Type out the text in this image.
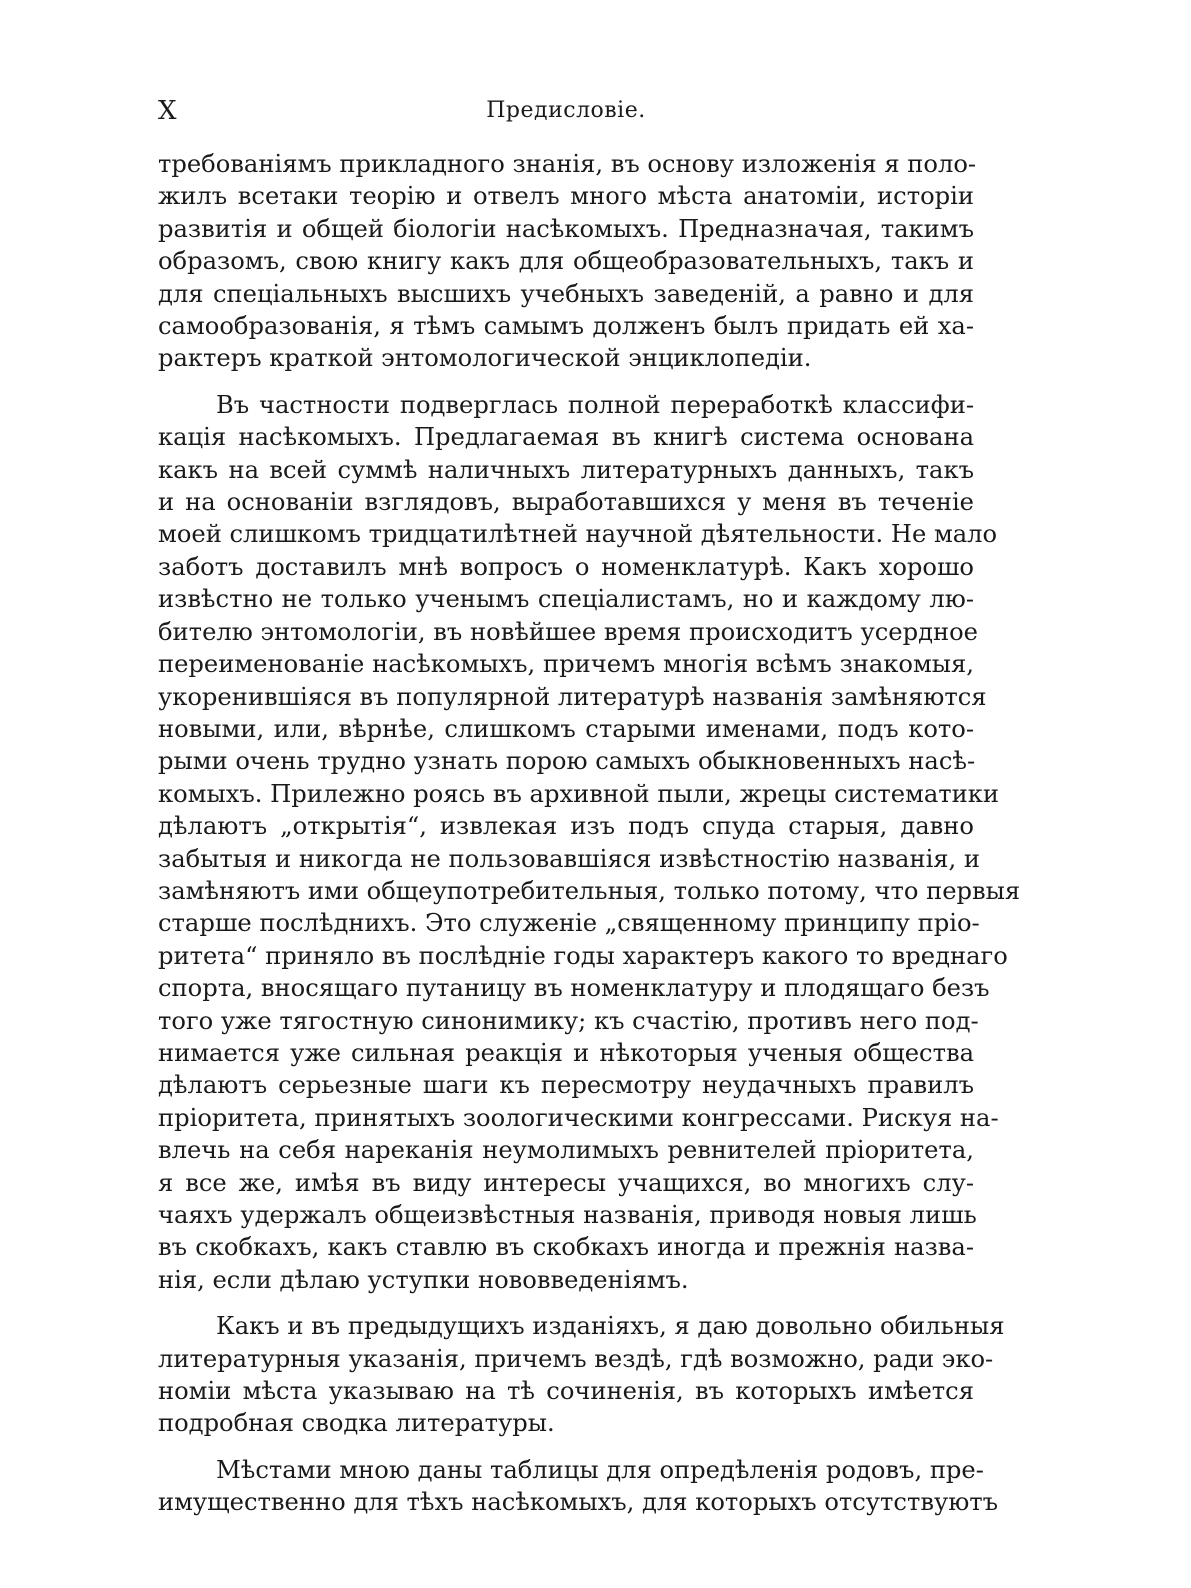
X	Предисловіе.
требованіямъ прикладного знанія, въ основу изложенія я поло-
жилъ всетаки теорію и отвелъ много мѣста анатоміи, исторіи
развитія и общей біологіи насѣкомыхъ. Предназначая, такимъ
образомъ, свою книгу какъ для общеобразовательныхъ, такъ и
для спеціальныхъ высшихъ учебныхъ заведеній, а равно и для
самообразованія, я тѣмъ самымъ долженъ былъ придать ей ха-
рактеръ краткой энтомологической энциклопедіи.
Въ частности подверглась полной переработкѣ классифи-
кація насѣкомыхъ. Предлагаемая въ книгѣ система основана
какъ на всей суммѣ наличныхъ литературныхъ данныхъ, такъ
и на основаніи взглядовъ, выработавшихся у меня въ теченіе
моей слишкомъ тридцатилѣтней научной дѣятельности. Не мало
заботъ доставилъ мнѣ вопросъ о номенклатурѣ. Какъ хорошо
извѣстно не только ученымъ спеціалистамъ, но и каждому лю-
бителю энтомологіи, въ новѣйшее время происходитъ усердное
переименованіе насѣкомыхъ, причемъ многія всѣмъ знакомыя,
укоренившіяся въ популярной литературѣ названія замѣняются
новыми, или, вѣрнѣе, слишкомъ старыми именами, подъ кото-
рыми очень трудно узнать порою самыхъ обыкновенныхъ насѣ-
комыхъ. Прилежно роясь въ архивной пыли, жрецы систематики
дѣлаютъ „открытія“, извлекая изъ подъ спуда старыя, давно
забытыя и никогда не пользовавшіяся извѣстностію названія, и
замѣняютъ ими общеупотребительныя, только потому, что первыя
старше послѣднихъ. Это служеніе „священному принципу пріо-
ритета“ приняло въ послѣдніе годы характеръ какого то вреднаго
спорта, вносящаго путаницу въ номенклатуру и плодящаго безъ
того уже тягостную синонимику; къ счастію, противъ него под-
нимается уже сильная реакція и нѣкоторыя ученыя общества
дѣлаютъ серьезные шаги къ пересмотру неудачныхъ правилъ
пріоритета, принятыхъ зоологическими конгрессами. Рискуя на-
влечь на себя нареканія неумолимыхъ ревнителей пріоритета,
я все же, имѣя въ виду интересы учащихся, во многихъ слу-
чаяхъ удержалъ общеизвѣстныя названія, приводя новыя лишь
въ скобкахъ, какъ ставлю въ скобкахъ иногда и прежнія назва-
нія, если дѣлаю уступки нововведеніямъ.
Какъ и въ предыдущихъ изданіяхъ, я даю довольно обильныя
литературныя указанія, причемъ вездѣ, гдѣ возможно, ради эко-
номіи мѣста указываю на тѣ сочиненія, въ которыхъ имѣется
подробная сводка литературы.
Мѣстами мною даны таблицы для опредѣленія родовъ, пре-
имущественно для тѣхъ насѣкомыхъ, для которыхъ отсутствуютъ
